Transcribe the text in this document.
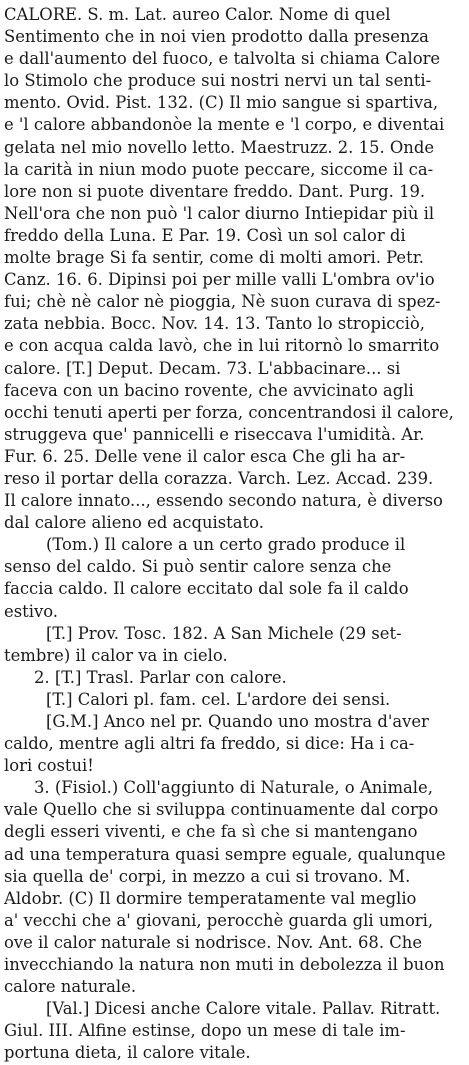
CALORE. S. m. Lat. aureo Calor. Nome di quel
Sentimento che in noi vien prodotto dalla presenza
e dall'aumento del fuoco, e talvolta si chiama Calore
lo Stimolo che produce sui nostri nervi un tal senti-
mento. Ovid. Pist. 132. (C) Il mio sangue si spartiva,
e 'l calore abbandonòe la mente e 'l corpo, e diventai
gelata nel mio novello letto. Maestruzz. 2. 15. Onde
la carità in niun modo puote peccare, siccome il ca-
lore non si puote diventare freddo. Dant. Purg. 19.
Nell'ora che non può 'l calor diurno Intiepidar più il
freddo della Luna. E Par. 19. Così un sol calor di
molte brage Si fa sentir, come di molti amori. Petr.
Canz. 16. 6. Dipinsi poi per mille valli L'ombra ov'io
fui; chè nè calor nè pioggia, Nè suon curava di spez-
zata nebbia. Bocc. Nov. 14. 13. Tanto lo stropicciò,
e con acqua calda lavò, che in lui ritornò lo smarrito
calore. [T.] Deput. Decam. 73. L'abbacinare... si
faceva con un bacino rovente, che avvicinato agli
occhi tenuti aperti per forza, concentrandosi il calore,
struggeva que' pannicelli e riseccava l'umidità. Ar.
Fur. 6. 25. Delle vene il calor esca Che gli ha ar-
reso il portar della corazza. Varch. Lez. Accad. 239.
Il calore innato..., essendo secondo natura, è diverso
dal calore alieno ed acquistato.
(Tom.) Il calore a un certo grado produce il
senso del caldo. Si può sentir calore senza che
faccia caldo. Il calore eccitato dal sole fa il caldo
estivo.
[T.] Prov. Tosc. 182. A San Michele (29 set-
tembre) il calor va in cielo.
2. [T.] Trasl. Parlar con calore.
[T.] Calori pl. fam. cel. L'ardore dei sensi.
[G.M.] Anco nel pr. Quando uno mostra d'aver
caldo, mentre agli altri fa freddo, si dice: Ha i ca-
lori costui!
3. (Fisiol.) Coll'aggiunto di Naturale, o Animale,
vale Quello che si sviluppa continuamente dal corpo
degli esseri viventi, e che fa sì che si mantengano
ad una temperatura quasi sempre eguale, qualunque
sia quella de' corpi, in mezzo a cui si trovano. M.
Aldobr. (C) Il dormire temperatamente val meglio
a' vecchi che a' giovani, perocchè guarda gli umori,
ove il calor naturale si nodrisce. Nov. Ant. 68. Che
invecchiando la natura non muti in debolezza il buon
calore naturale.
[Val.] Dicesi anche Calore vitale. Pallav. Ritratt.
Giul. III. Alfine estinse, dopo un mese di tale im-
portuna dieta, il calore vitale.
